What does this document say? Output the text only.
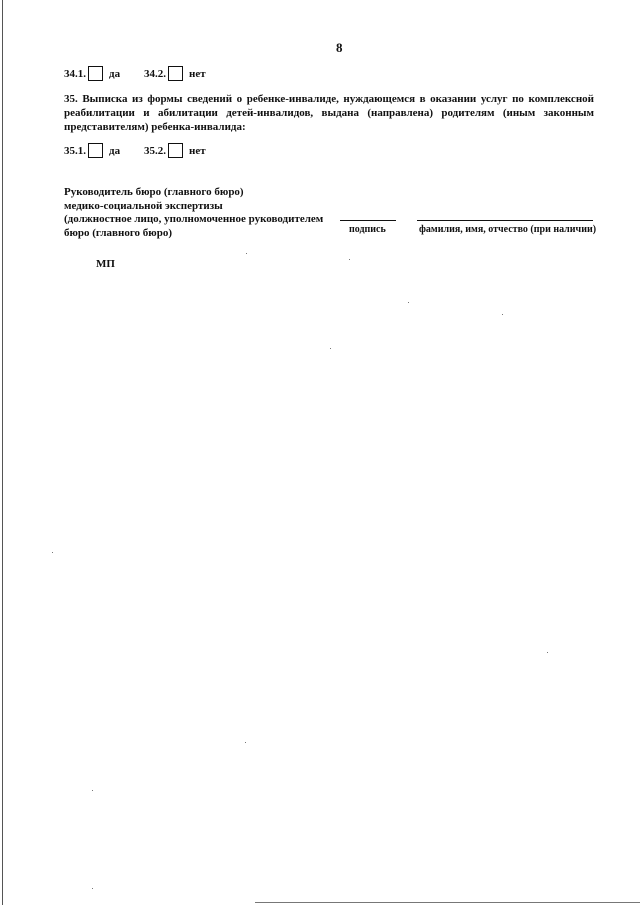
8
34.1. да 34.2. нет
35. Выписка из формы сведений о ребенке-инвалиде, нуждающемся в оказании услуг по комплексной реабилитации и абилитации детей-инвалидов, выдана (направлена) родителям (иным законным представителям) ребенка-инвалида:
35.1. да 35.2. нет
Руководитель бюро (главного бюро)
медико-социальной экспертизы
(должностное лицо, уполномоченное руководителем
бюро (главного бюро)	подпись	фамилия, имя, отчество (при наличии)
МП
